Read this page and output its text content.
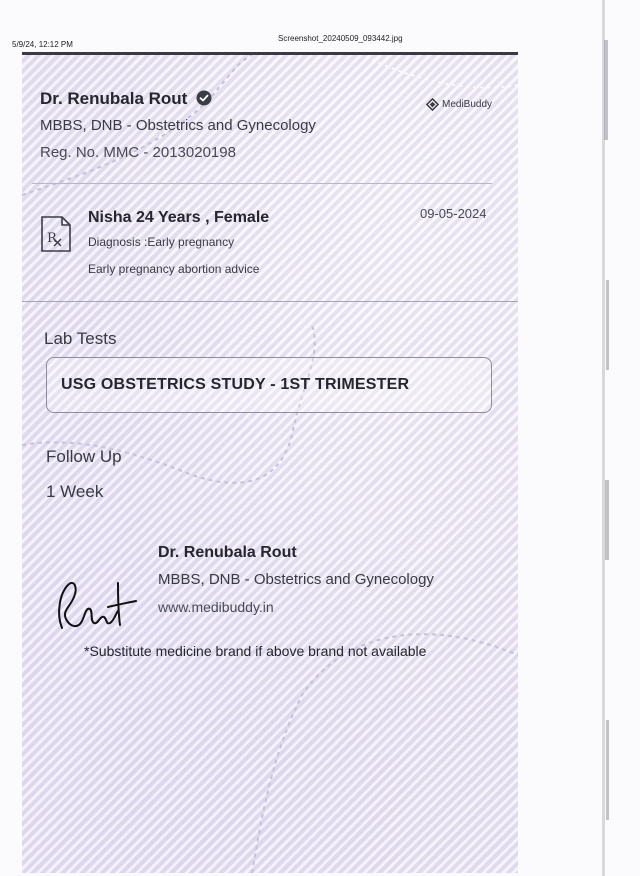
5/9/24, 12:12 PM
Screenshot_20240509_093442.jpg
Dr. Renubala Rout
MBBS, DNB - Obstetrics and Gynecology
Reg. No. MMC - 2013020198
MediBuddy
R
Nisha 24 Years , Female	09-05-2024
Diagnosis :Early pregnancy
Early pregnancy abortion advice
Lab Tests
USG OBSTETRICS STUDY - 1ST TRIMESTER
Follow Up
1 Week
Dr. Renubala Rout
MBBS, DNB - Obstetrics and Gynecology
www.medibuddy.in
*Substitute medicine brand if above brand not available
